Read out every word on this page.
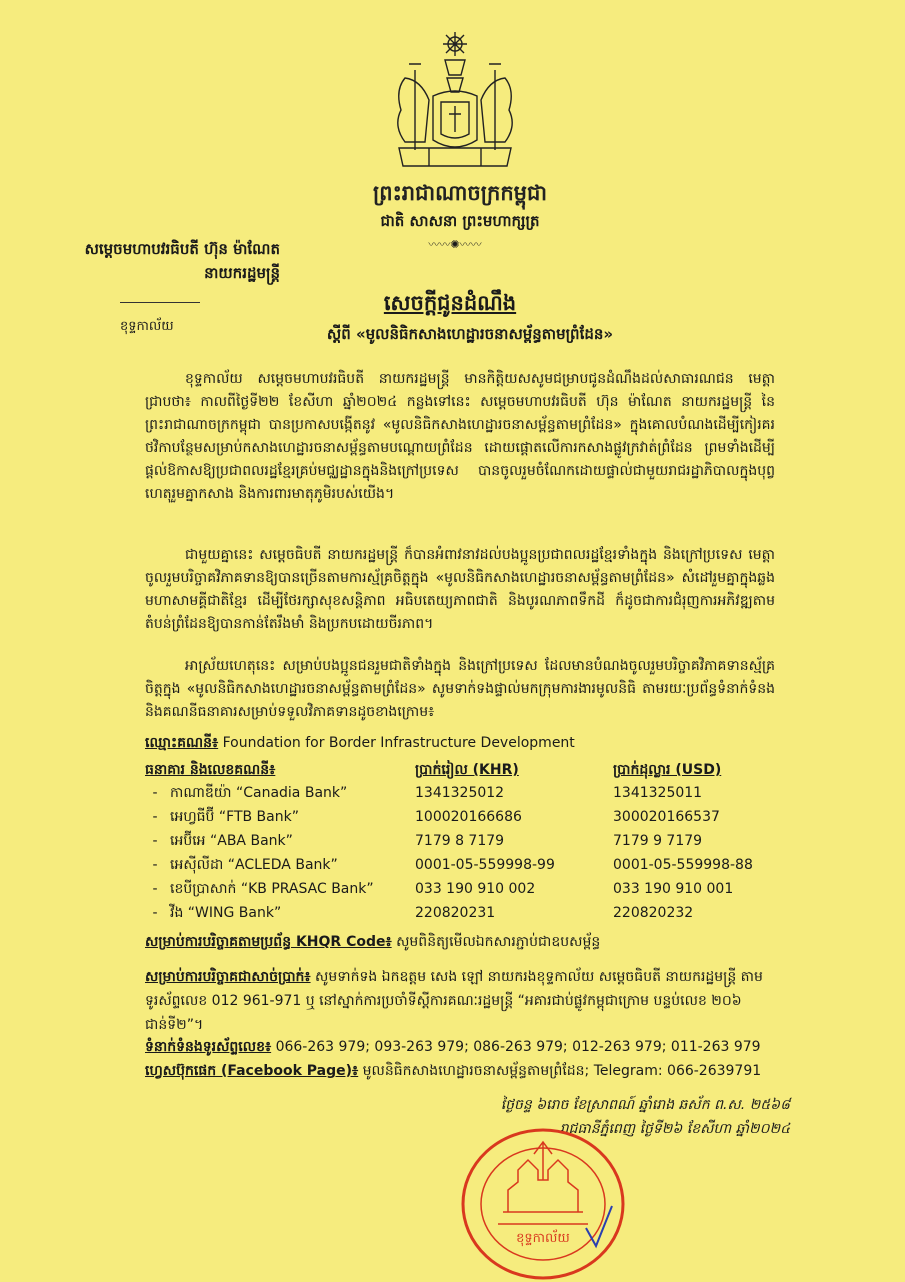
ព្រះរាជាណាចក្រកម្ពុជា
ជាតិ សាសនា ព្រះមហាក្សត្រ
〰〰✺〰〰
សម្តេចមហាបវរធិបតី ហ៊ុន ម៉ាណែត
នាយករដ្ឋមន្ត្រី
ខុទ្ទកាល័យ
សេចក្តីជូនដំណឹង
ស្តីពី «មូលនិធិកសាងហេដ្ឋារចនាសម្ព័ន្ធតាមព្រំដែន»
ខុទ្ទកាល័យ សម្តេចមហាបវរធិបតី នាយករដ្ឋមន្ត្រី មានកិត្តិយសសូមជម្រាបជូនដំណឹងដល់សាធារណជន មេត្តាជ្រាបថា៖ កាលពីថ្ងៃទី២២ ខែសីហា ឆ្នាំ២០២៤ កន្លងទៅនេះ សម្តេចមហាបវរធិបតី ហ៊ុន ម៉ាណែត នាយករដ្ឋមន្ត្រី នៃព្រះរាជាណាចក្រកម្ពុជា បានប្រកាសបង្កើតនូវ «មូលនិធិកសាងហេដ្ឋារចនាសម្ព័ន្ធតាមព្រំដែន» ក្នុងគោលបំណងដើម្បីកៀរគរថវិកាបន្ថែមសម្រាប់កសាងហេដ្ឋារចនាសម្ព័ន្ធតាមបណ្តោយព្រំដែន ដោយផ្តោតលើការកសាងផ្លូវក្រវាត់ព្រំដែន ព្រមទាំងដើម្បីផ្តល់ឱកាសឱ្យប្រជាពលរដ្ឋខ្មែរគ្រប់មជ្ឈដ្ឋានក្នុងនិងក្រៅប្រទេស បានចូលរួមចំណែកដោយផ្ទាល់ជាមួយរាជរដ្ឋាភិបាលក្នុងបុព្វហេតុរួមគ្នាកសាង និងការពារមាតុភូមិរបស់យើង។
ជាមួយគ្នានេះ សម្តេចធិបតី នាយករដ្ឋមន្ត្រី ក៏បានអំពាវនាវដល់បងប្អូនប្រជាពលរដ្ឋខ្មែរទាំងក្នុង និងក្រៅប្រទេស មេត្តាចូលរួមបរិច្ចាគវិភាគទានឱ្យបានច្រើនតាមការស្ម័គ្រចិត្តក្នុង «មូលនិធិកសាងហេដ្ឋារចនាសម្ព័ន្ធតាមព្រំដែន» សំដៅរួមគ្នាក្នុងឆ្លងមហាសាមគ្គីជាតិខ្មែរ ដើម្បីថែរក្សាសុខសន្តិភាព អធិបតេយ្យភាពជាតិ និងបូរណភាពទឹកដី ក៏ដូចជាការជំរុញការអភិវឌ្ឍតាមតំបន់ព្រំដែនឱ្យបានកាន់តែរឹងមាំ និងប្រកបដោយចីរភាព។
អាស្រ័យហេតុនេះ សម្រាប់បងប្អូនជនរួមជាតិទាំងក្នុង និងក្រៅប្រទេស ដែលមានបំណងចូលរួមបរិច្ចាគវិភាគទានស្ម័គ្រចិត្តក្នុង «មូលនិធិកសាងហេដ្ឋារចនាសម្ព័ន្ធតាមព្រំដែន» សូមទាក់ទងផ្ទាល់មកក្រុមការងារមូលនិធិ តាមរយៈប្រព័ន្ធទំនាក់ទំនង និងគណនីធនាគារសម្រាប់ទទួលវិភាគទានដូចខាងក្រោម៖
ឈ្មោះគណនី៖ Foundation for Border Infrastructure Development
ធនាគារ និងលេខគណនី៖	ប្រាក់រៀល (KHR)	ប្រាក់ដុល្លារ (USD)
-	កាណាឌីយ៉ា “Canadia Bank”	1341325012	1341325011
-	អេហ្វធីប៊ី “FTB Bank”	100020166686	300020166537
-	អេប៊ីអេ “ABA Bank”	7179 8 7179	7179 9 7179
-	អេស៊ីលីដា “ACLEDA Bank”	0001-05-559998-99	0001-05-559998-88
-	ខេបីប្រាសាក់ “KB PRASAC Bank”	033 190 910 002	033 190 910 001
-	វីង “WING Bank”	220820231	220820232
សម្រាប់ការបរិច្ចាគតាមប្រព័ន្ធ KHQR Code៖ សូមពិនិត្យមើលឯកសារភ្ជាប់ជាឧបសម្ព័ន្ធ
សម្រាប់ការបរិច្ចាគជាសាច់ប្រាក់៖ សូមទាក់ទង ឯកឧត្តម សេង ឡៅ នាយករងខុទ្ទកាល័យ សម្តេចធិបតី នាយករដ្ឋមន្ត្រី តាមទូរស័ព្ទលេខ 012 961-971 ឬ នៅស្នាក់ការប្រចាំទីស្តីការគណៈរដ្ឋមន្ត្រី “អគារជាប់ផ្លូវកម្ពុជាក្រោម បន្ទប់លេខ ២០៦ ជាន់ទី២”។
ទំនាក់ទំនងទូរស័ព្ទលេខ៖ 066-263 979; 093-263 979; 086-263 979; 012-263 979; 011-263 979
ហ្វេសប៊ុកផេក (Facebook Page)៖ មូលនិធិកសាងហេដ្ឋារចនាសម្ព័ន្ធតាមព្រំដែន; Telegram: 066-2639791
ថ្ងៃចន្ទ ៦រោច ខែស្រាពណ៍ ឆ្នាំរោង ឆស័ក ព.ស. ២៥៦៨
រាជធានីភ្នំពេញ ថ្ងៃទី២៦ ខែសីហា ឆ្នាំ២០២៤
ខុទ្ទកាល័យ
